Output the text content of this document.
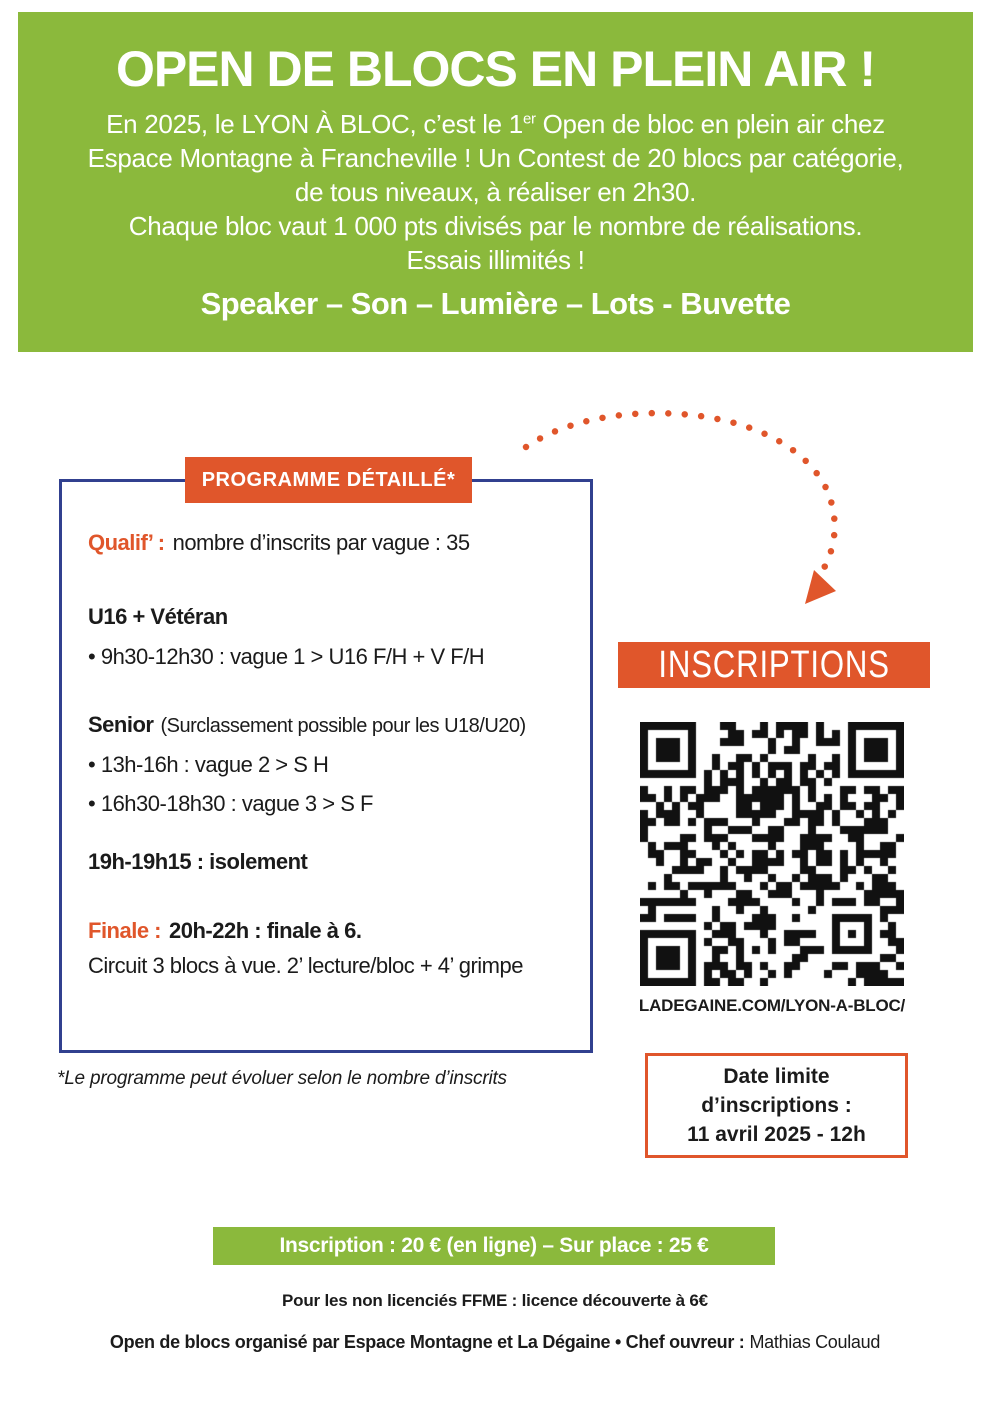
OPEN DE BLOCS EN PLEIN AIR !
En 2025, le LYON À BLOC, c’est le 1er Open de bloc en plein air chez
Espace Montagne à Francheville ! Un Contest de 20 blocs par catégorie,
de tous niveaux, à réaliser en 2h30.
Chaque bloc vaut 1 000 pts divisés par le nombre de réalisations.
Essais illimités !
Speaker – Son – Lumière – Lots - Buvette
PROGRAMME DÉTAILLÉ*
Qualif’ : nombre d’inscrits par vague : 35
U16 + Vétéran
• 9h30-12h30 : vague 1 > U16 F/H + V F/H
Senior (Surclassement possible pour les U18/U20)
• 13h-16h : vague 2 > S H
• 16h30-18h30 : vague 3 > S F
19h-19h15 : isolement
Finale : 20h-22h : finale à 6.
Circuit 3 blocs à vue. 2’ lecture/bloc + 4’ grimpe
*Le programme peut évoluer selon le nombre d’inscrits
INSCRIPTIONS
LADEGAINE.COM/LYON-A-BLOC/
Date limite
d’inscriptions :
11 avril 2025 - 12h
Inscription : 20 € (en ligne) – Sur place : 25 €
Pour les non licenciés FFME : licence découverte à 6€
Open de blocs organisé par Espace Montagne et La Dégaine • Chef ouvreur : Mathias Coulaud
